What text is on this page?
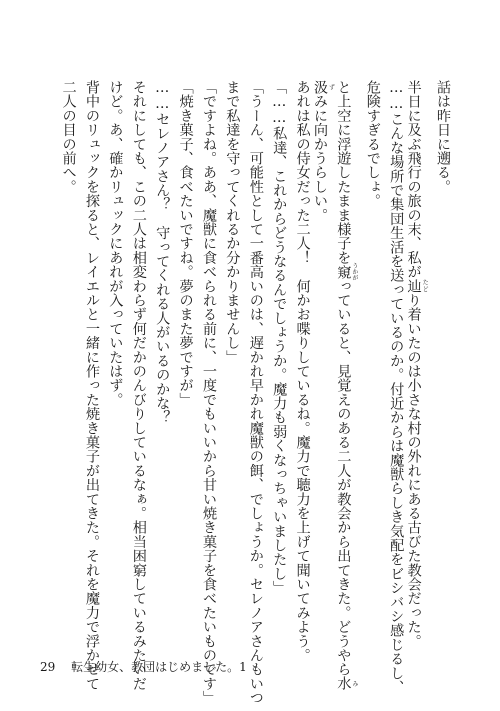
話は昨日に遡る。
半日に及ぶ飛行の旅の末、私が辿 たどり着いたのは小さな村の外れにある古びた教会だった。
……こんな場所で集団生活を送っているのか。付近からは魔獣らしき気配をビシバシ感じるし、
危険すぎるでしょ。
と上空に浮遊したまま様子を窺 うかがっていると、見覚えのある二人が教会から出てきた。どうやら水 み
汲 ずみに向かうらしい。
あれは私の侍女だった二人！　何かお喋りしているね。魔力で聴力を上げて聞いてみよう。
「……私達、これからどうなるんでしょうか。魔力も弱くなっちゃいましたし」
「うーん、可能性として一番高いのは、遅かれ早かれ魔獣の餌、でしょうか。セレノアさんもいつ
まで私達を守ってくれるか分かりませんし」
「ですよね。ああ、魔獣に食べられる前に、一度でもいいから甘い焼き菓子を食べたいものです」
「焼き菓子、食べたいですね。夢のまた夢ですが」
……セレノアさん？　守ってくれる人がいるのかな？
それにしても、この二人は相変わらず何だかのんびりしているなぁ。相当困窮しているみたいだ
けど。あ、確かリュックにあれが入っていたはず。
背中のリュックを探ると、レイエルと一緒に作った焼き菓子が出てきた。それを魔力で浮かせて
二人の目の前へ。
29 転生幼女、教団はじめました。1
